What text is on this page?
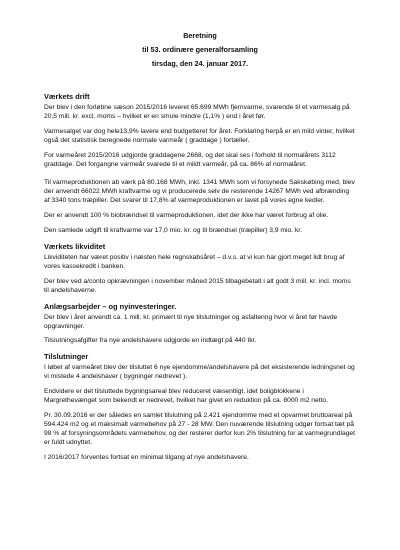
Beretning
til 53. ordinære generalforsamling
tirsdag, den 24. januar 2017.
Værkets drift

Der blev i den forløbne sæson 2015/2016 leveret 65.699 MWh fjernvarme, svarende til et varmesalg på 20,5 mill. kr. excl. moms – hvilket er en smule mindre (1,1% ) end i året før.

Varmesalget var dog hele13,9% lavere end budgetteret for året. Forklaring herpå er en mild vinter, hvilket også det statistisk beregnede normale varmeår ( graddage ) fortæller.

For varmeåret 2015/2016 udgjorde graddagene 2668, og det skal ses i forhold til normalårets 3112 graddage. Det forgangne varmeår svarede til et mildt varmeår, på ca. 86% af normalåret.

Til varmeproduktionen ab værk på 80.168 MWh, inkl. 1341 MWh som vi forsynede Sakskøbing med, blev der anvendt 66022 MWh kraftvarme og vi producerede selv de resterende 14267 MWh ved afbrænding af 3340 tons træpiller. Det svarer til 17,8% af varmeproduktionen er lavet på vores egne kedler.

Der er anvendt 100 % biobrændsel til varmeproduktionen, idet der ikke har været forbrug af olie.

Den samlede udgift til kraftvarme var 17,0 mio. kr. og til brændsel (træpiller) 3,9 mio. kr.

Værkets likviditet

Likviditeten har været positiv i næsten hele regnskabsåret – d.v.s. at vi kun har gjort meget lidt brug af vores kassekredit i banken.

Der blev ved a/conto opkrævningen i november måned 2015 tilbagebetalt i alt godt 3 mill. kr. incl. moms til andelshaverne.

Anlægsarbejder – og nyinvesteringer.

Der blev i året anvendt ca. 1 mill. kr. primært til nye tilslutninger og asfaltering hvor vi året før havde opgravninger.

Tilslutningsafgifter fra nye andelshavere udgjorde en indtægt på 440 tkr.

Tilslutninger

I løbet af varmeåret blev der tilsluttet 6 nye ejendomme/andelshavere på det eksisterende ledningsnet og vi mistede 4 andelshaver ( bygninger nedrevet ).

Endvidere er det tilsluttede bygningsareal blev reduceret væsentligt, idet boligblokkene i Margrethevænget som bekendt er nedrevet, hvilket har givet en reduktion på ca. 8000 m2 netto.

Pr. 30.09.2016 er der således en samlet tilslutning på 2.421 ejendomme med et opvarmet bruttoareal på 594.424 m2 og et maksimalt varmebehov på 27 - 28 MW. Den nuværende tilslutning udgør fortsat tæt på 98 % af forsyningsområdets varmebehov, og der resterer derfor kun 2% tilslutning for at varmegrundlaget er fuldt udnyttet.

I 2016/2017 forventes fortsat en minimal tilgang af nye andelshavere.
